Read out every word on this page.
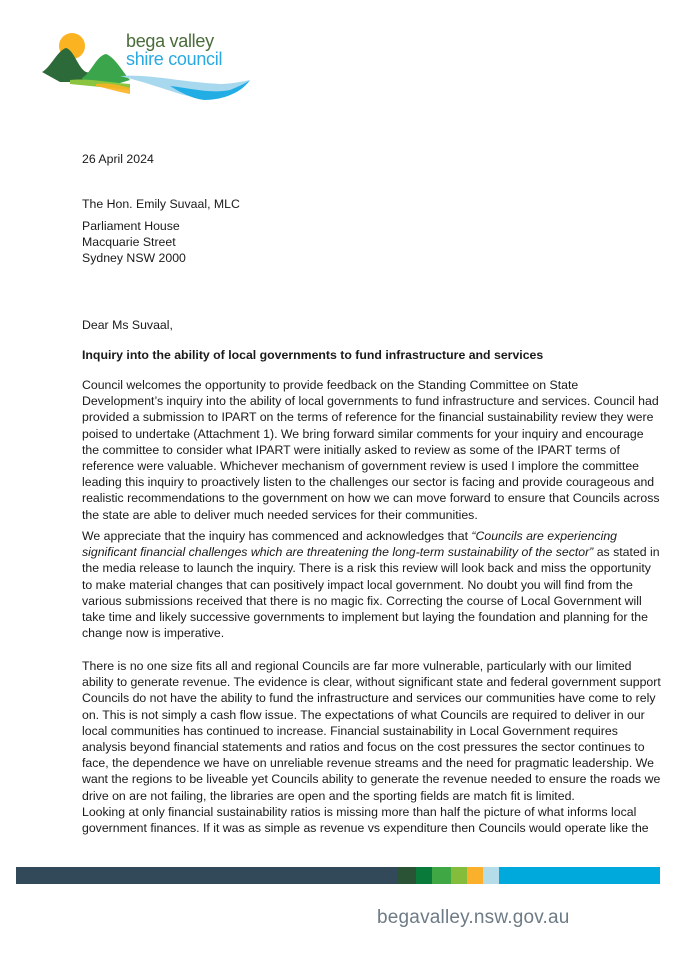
bega valley
shire council

26 April 2024

The Hon. Emily Suvaal, MLC

Parliament House

Macquarie Street

Sydney NSW 2000

Dear Ms Suvaal,

Inquiry into the ability of local governments to fund infrastructure and services

Council welcomes the opportunity to provide feedback on the Standing Committee on State Development’s inquiry into the ability of local governments to fund infrastructure and services. Council had provided a submission to IPART on the terms of reference for the financial sustainability review they were poised to undertake (Attachment 1). We bring forward similar comments for your inquiry and encourage the committee to consider what IPART were initially asked to review as some of the IPART terms of reference were valuable. Whichever mechanism of government review is used I implore the committee leading this inquiry to proactively listen to the challenges our sector is facing and provide courageous and realistic recommendations to the government on how we can move forward to ensure that Councils across the state are able to deliver much needed services for their communities.

We appreciate that the inquiry has commenced and acknowledges that “Councils are experiencing significant financial challenges which are threatening the long-term sustainability of the sector” as stated in the media release to launch the inquiry. There is a risk this review will look back and miss the opportunity to make material changes that can positively impact local government. No doubt you will find from the various submissions received that there is no magic fix. Correcting the course of Local Government will take time and likely successive governments to implement but laying the foundation and planning for the change now is imperative.

There is no one size fits all and regional Councils are far more vulnerable, particularly with our limited ability to generate revenue. The evidence is clear, without significant state and federal government support Councils do not have the ability to fund the infrastructure and services our communities have come to rely on. This is not simply a cash flow issue. The expectations of what Councils are required to deliver in our local communities has continued to increase. Financial sustainability in Local Government requires analysis beyond financial statements and ratios and focus on the cost pressures the sector continues to face, the dependence we have on unreliable revenue streams and the need for pragmatic leadership. We want the regions to be liveable yet Councils ability to generate the revenue needed to ensure the roads we drive on are not failing, the libraries are open and the sporting fields are match fit is limited.

Looking at only financial sustainability ratios is missing more than half the picture of what informs local government finances. If it was as simple as revenue vs expenditure then Councils would operate like the

begavalley.nsw.gov.au
